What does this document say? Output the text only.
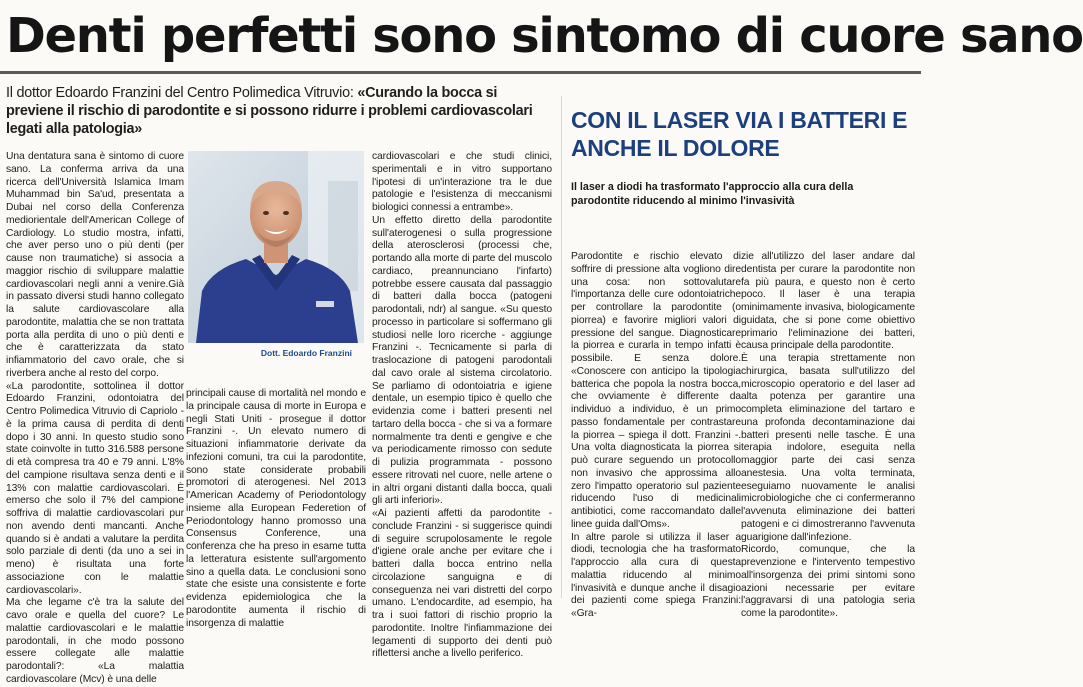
Denti perfetti sono sintomo di cuore sano
Il dottor Edoardo Franzini del Centro Polimedica Vitruvio: «Curando la bocca si previene il rischio di parodontite e si possono ridurre i problemi cardiovascolari legati alla patologia»

Una dentatura sana è sintomo di cuore sano. La conferma arriva da una ricerca dell'Università Islamica Imam Muhammad bin Sa'ud, presentata a Dubai nel corso della Conferenza mediorientale dell'American College of Cardiology. Lo studio mostra, infatti, che aver perso uno o più denti (per cause non traumatiche) si associa a maggior rischio di sviluppare malattie cardiovascolari negli anni a venire.Già in passato diversi studi hanno collegato la salute cardiovascolare alla parodontite, malattia che se non trattata porta alla perdita di uno o più denti e che è caratterizzata da stato infiammatorio del cavo orale, che si riverbera anche al resto del corpo.

«La parodontite, sottolinea il dottor Edoardo Franzini, odontoiatra del Centro Polimedica Vitruvio di Capriolo - è la prima causa di perdita di denti dopo i 30 anni. In questo studio sono state coinvolte in tutto 316.588 persone di età compresa tra 40 e 79 anni. L'8% del campione risultava senza denti e il 13% con malattie cardiovascolari. È emerso che solo il 7% del campione soffriva di malattie cardiovascolari pur non avendo denti mancanti. Anche quando si è andati a valutare la perdita solo parziale di denti (da uno a sei in meno) è risultata una forte associazione con le malattie cardiovascolari».

Ma che legame c'è tra la salute del cavo orale e quella del cuore? Le malattie cardiovascolari e le malattie parodontali, in che modo possono essere collegate alle malattie parodontali?: «La malattia cardiovascolare (Mcv) è una delle

Dott. Edoardo Franzini

principali cause di mortalità nel mondo e la principale causa di morte in Europa e negli Stati Uniti - prosegue il dottor Franzini -. Un elevato numero di situazioni infiammatorie derivate da infezioni comuni, tra cui la parodontite, sono state considerate probabili promotori di aterogenesi. Nel 2013 l'American Academy of Periodontology insieme alla European Federetion of Periodontology hanno promosso una Consensus Conference, una conferenza che ha preso in esame tutta la letteratura esistente sull'argomento sino a quella data. Le conclusioni sono state che esiste una consistente e forte evidenza epidemiologica che la parodontite aumenta il rischio di insorgenza di malattie

cardiovascolari e che studi clinici, sperimentali e in vitro supportano l'ipotesi di un'interazione tra le due patologie e l'esistenza di meccanismi biologici connessi a entrambe».

Un effetto diretto della parodontite sull'aterogenesi o sulla progressione della aterosclerosi (processi che, portando alla morte di parte del muscolo cardiaco, preannunciano l'infarto) potrebbe essere causata dal passaggio di batteri dalla bocca (patogeni parodontali, ndr) al sangue. «Su questo processo in particolare si soffermano gli studiosi nelle loro ricerche - aggiunge Franzini -. Tecnicamente si parla di traslocazione di patogeni parodontali dal cavo orale al sistema circolatorio. Se parliamo di odontoiatria e igiene dentale, un esempio tipico è quello che evidenzia come i batteri presenti nel tartaro della bocca - che si va a formare normalmente tra denti e gengive e che va periodicamente rimosso con sedute di pulizia programmata - possono essere ritrovati nel cuore, nelle artene o in altri organi distanti dalla bocca, quali gli arti inferiori».

«Ai pazienti affetti da parodontite - conclude Franzini - si suggerisce quindi di seguire scrupolosamente le regole d'igiene orale anche per evitare che i batteri dalla bocca entrino nella circolazione sanguigna e di conseguenza nei vari distretti del corpo umano. L'endocardite, ad esempio, ha tra i suoi fattori di rischio proprio la parodontite. Inoltre l'infiammazione dei legamenti di supporto dei denti può riflettersi anche a livello periferico.

CON IL LASER VIA I BATTERI E ANCHE IL DOLORE
Il laser a diodi ha trasformato l'approccio alla cura della parodontite riducendo al minimo l'invasività

Parodontite e rischio elevato di soffrire di pressione alta vogliono dire una cosa: non sottovalutare l'importanza delle cure odontoiatriche per controllare la parodontite (o piorrea) e favorire migliori valori di pressione del sangue. Diagnosticare la piorrea e curarla in tempo infatti è possibile. E senza dolore. «Conoscere con anticipo la tipologia batterica che popola la nostra bocca, che ovviamente è differente da individuo a individuo, è un primo passo fondamentale per contrastare la piorrea – spiega il dott. Franzini -. Una volta diagnosticata la piorrea si può curare seguendo un protocollo non invasivo che approssima allo zero l'impatto operatorio sul paziente riducendo l'uso di medicinali antibiotici, come raccomandato dalle linee guida dall'Oms».

In altre parole si utilizza il laser a diodi, tecnologia che ha trasformato l'approccio alla cura di questa malattia riducendo al minimo l'invasività e dunque anche il disagio dei pazienti come spiega Franzini: «Gra-

zie all'utilizzo del laser andare dal dentista per curare la parodontite non fa più paura, e questo non è certo poco. Il laser è una terapia minimamente invasiva, biologicamente guidata, che si pone come obiettivo primario l'eliminazione dei batteri, causa principale della parodontite.

È una terapia strettamente non chirurgica, basata sull'utilizzo del microscopio operatorio e del laser ad alta potenza per garantire una completa eliminazione del tartaro e una profonda decontaminazione dai batteri presenti nelle tasche. È una terapia indolore, eseguita nella maggior parte dei casi senza anestesia. Una volta terminata, eseguiamo nuovamente le analisi microbiologiche che ci confermeranno l'avvenuta eliminazione dei batteri patogeni e ci dimostreranno l'avvenuta guarigione dall'infezione.

Ricordo, comunque, che la prevenzione e l'intervento tempestivo all'insorgenza dei primi sintomi sono azioni necessarie per evitare l'aggravarsi di una patologia seria come la parodontite».
